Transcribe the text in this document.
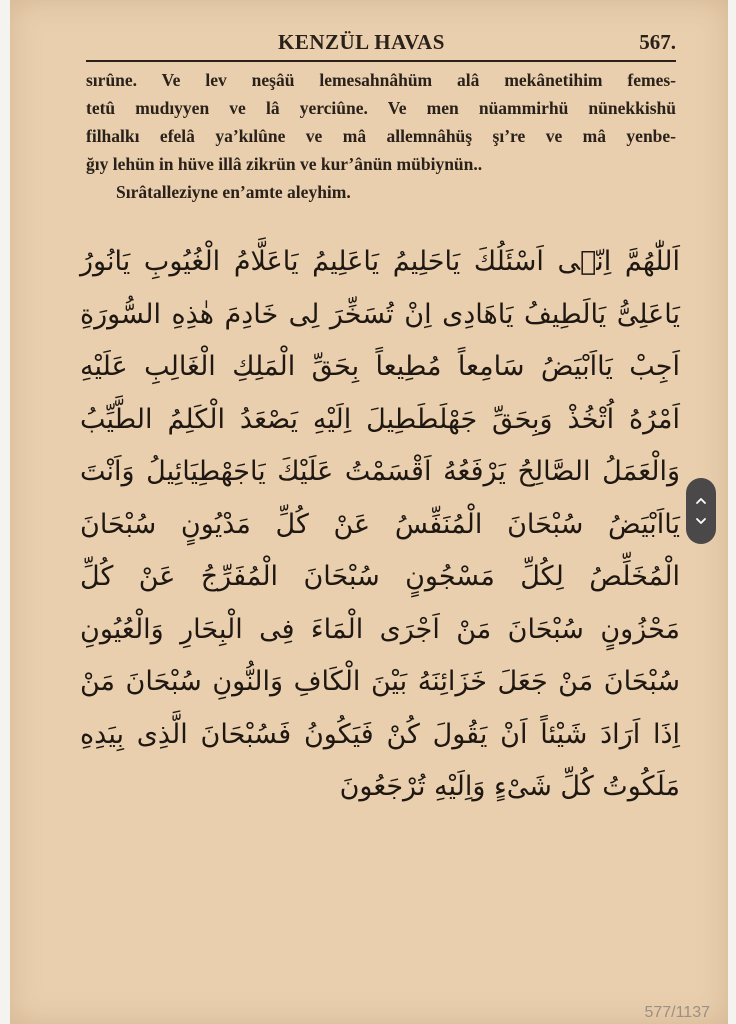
KENZÜL HAVAS	567.
sırûne. Ve lev neşâü lemesahnâhüm alâ mekânetihim femes-
tetû mudıyyen ve lâ yerciûne. Ve men nüammirhü nünekkishü
filhalkı efelâ ya’kılûne ve mâ allemnâhüş şı’re ve mâ yenbe-
ğıy lehün in hüve illâ zikrün ve kur’ânün mübiynün..
Sırâtalleziyne en’amte aleyhim.
اَللّٰهُمَّ اِنّٖى اَسْئَلُكَ يَاحَلِيمُ يَاعَلِيمُ يَاعَلَّامُ الْغُيُوبِ يَانُورُ
يَاعَلِىُّ يَالَطِيفُ يَاهَادِى اِنْ تُسَخِّرَ لِى خَادِمَ هٰذِهِ السُّورَةِ
اَجِبْ يَااَبْيَضُ سَامِعاً مُطِيعاً بِحَقِّ الْمَلِكِ الْغَالِبِ عَلَيْهِ
اَمْرُهُ اُتْخُذْ وَبِحَقِّ جَهْلَطَطِيلَ اِلَيْهِ يَصْعَدُ الْكَلِمُ الطَّيِّبُ
وَالْعَمَلُ الصَّالِحُ يَرْفَعُهُ اَقْسَمْتُ عَلَيْكَ يَاجَهْطِيَائِيلُ وَاَنْتَ
يَااَبْيَضُ سُبْحَانَ الْمُنَفِّسُ عَنْ كُلِّ مَدْيُونٍ سُبْحَانَ
الْمُخَلِّصُ لِكُلِّ مَسْجُونٍ سُبْحَانَ الْمُفَرِّجُ عَنْ كُلِّ
مَحْزُونٍ سُبْحَانَ مَنْ اَجْرَى الْمَاءَ فِى الْبِحَارِ وَالْعُيُونِ
سُبْحَانَ مَنْ جَعَلَ خَزَائِنَهُ بَيْنَ الْكَافِ وَالنُّونِ سُبْحَانَ مَنْ
اِذَا اَرَادَ شَيْئاً اَنْ يَقُولَ كُنْ فَيَكُونُ فَسُبْحَانَ الَّذِى بِيَدِهِ
مَلَكُوتُ كُلِّ شَىْءٍ وَاِلَيْهِ تُرْجَعُونَ
577/1137
